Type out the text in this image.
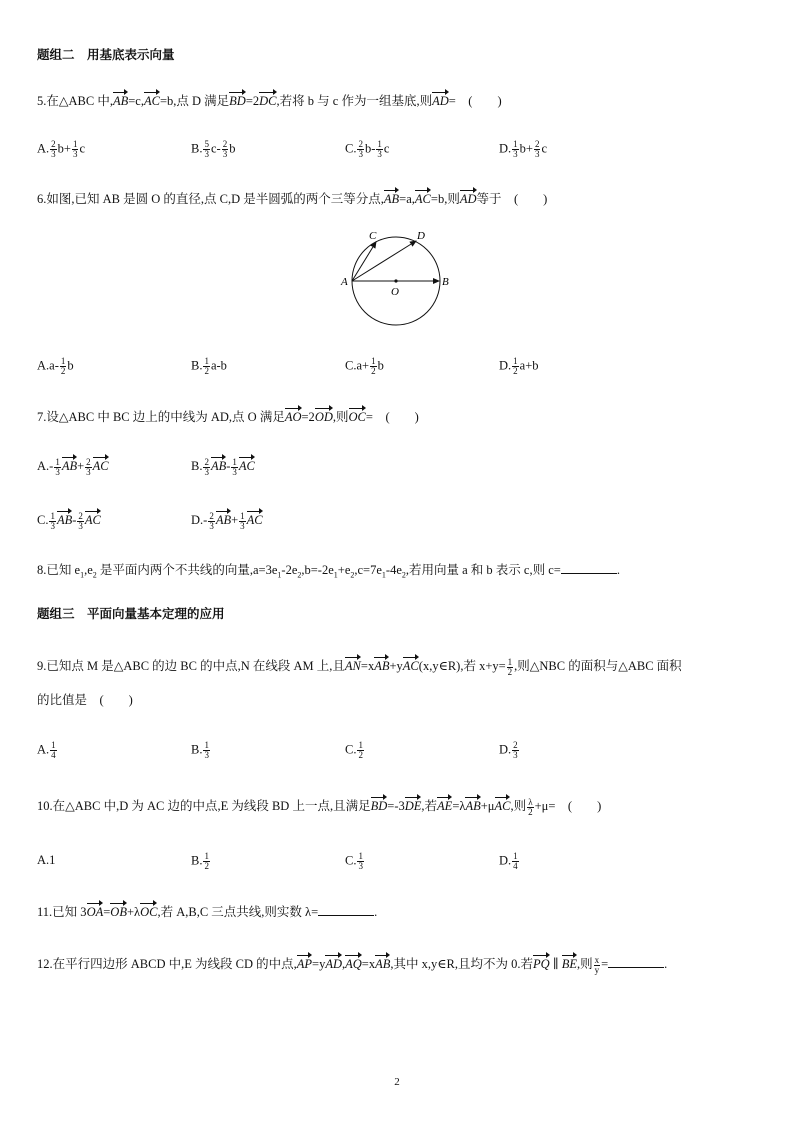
题组二　用基底表示向量
5.在△ABC 中,AB=c,AC=b,点 D 满足BD=2DC,若将 b 与 c 作为一组基底,则AD=　(　　)
A. $\frac{2}{3} b+ \frac{1}{3}$ c	B. $\frac{5}{3} c- \frac{2}{3}$ b	C. $\frac{2}{3} b- \frac{1}{3}$ c	D. $\frac{1}{3} b+ \frac{2}{3}$ c
6.如图,已知 AB 是圆 O 的直径,点 C,D 是半圆弧的两个三等分点,AB=a,AC=b,则AD等于　(　　)
A	B
C	D
O
$A.a- \frac{1}{2}$ b	B. $\frac{1}{2} a-b$	$C.a+ \frac{1}{2}$ b	D. $\frac{1}{2} a+b$
7.设△ABC 中 BC 边上的中线为 AD,点 O 满足AO=2OD,则OC=　(　　)
$A.- \frac{1}{3} AB+ \frac{2}{3}$ AC	B. $\frac{2}{3} AB- \frac{1}{3}$ AC
C. $\frac{1}{3} AB- \frac{2}{3}$ AC	$D.- \frac{2}{3} AB+ \frac{1}{3}$ AC
8.已知 $e_1,e_2$ 是平面内两个不共线的向量$,a=3e_1-2e_2,b=-2e_1+e_2,c=7e_1-4e_2$,若用向量 a 和 b 表示 c,则 c=	.
题组三　平面向量基本定理的应用
9.已知点 M 是△ABC 的边 BC 的中点,N 在线段 AM 上,且AN=xAB+yAC(x,y∈R),若 $x+y= \frac{1}{2}$ ,则△NBC 的面积与△ABC 面积
的比值是　(　　)
A. $\frac{1}{4}$	B. $\frac{1}{3}$	C. $\frac{1}{2}$	D. $\frac{2}{3}$
10.在△ABC 中,D 为 AC 边的中点,E 为线段 BD 上一点,且满足BD=-3DE,若AE=λAB+μAC,则 $\frac{\lambda}{2} +\mu=$　(　　)
A.1	B. $\frac{1}{2}$	C. $\frac{1}{3}$	D. $\frac{1}{4}$
11.已知 3OA=OB+λOC,若 A,B,C 三点共线,则实数 λ=	.
12.在平行四边形 ABCD 中,E 为线段 CD 的中点,AP=yAD,AQ=xAB,其中 x,y∈R,且均不为 0.若PQ ∥ BE,则 $\frac{x}{y}$ =	.
2
